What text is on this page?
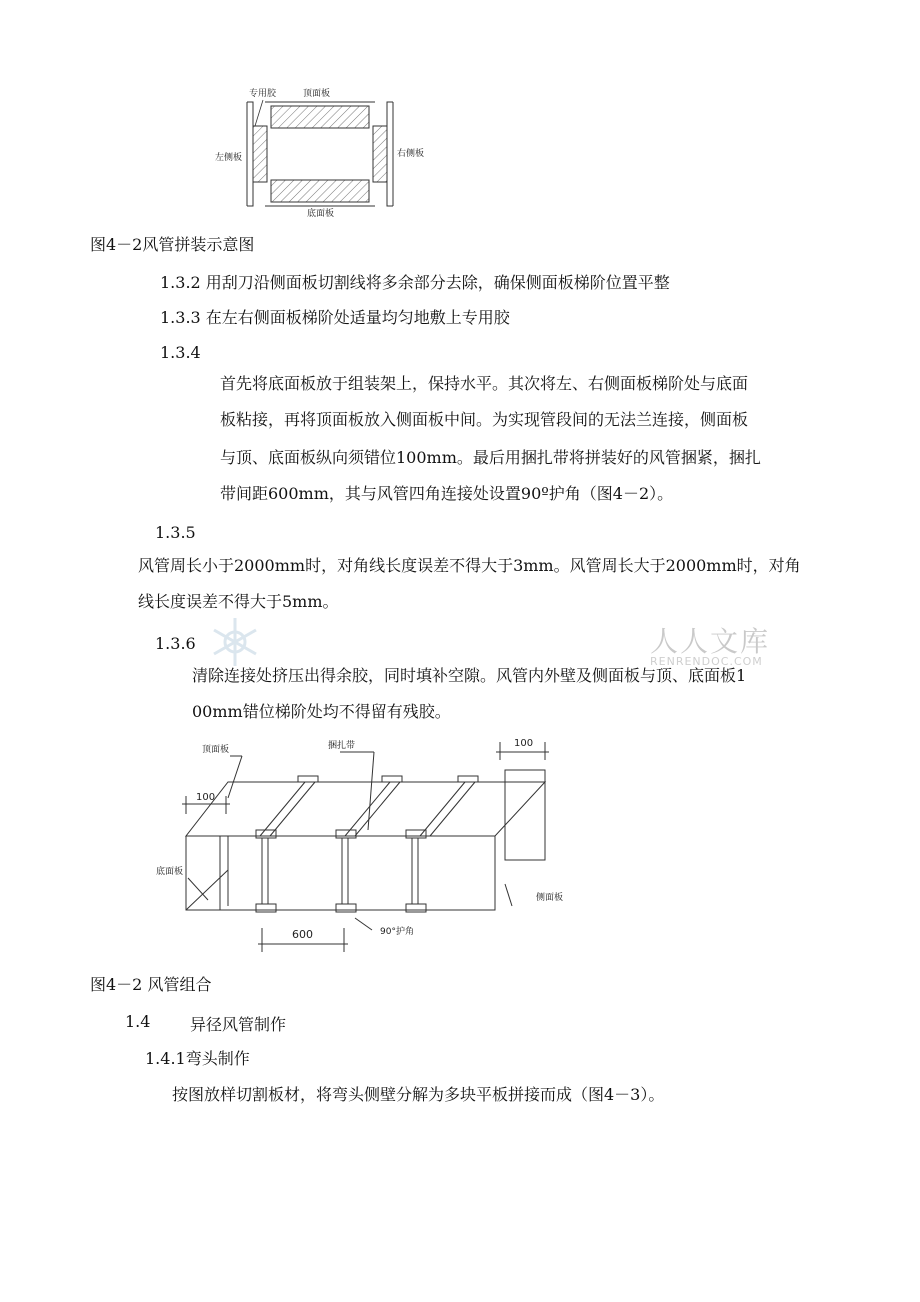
专用胶	顶面板
左侧板	右侧板
底面板
图4－2风管拼装示意图
1.3.2 用刮刀沿侧面板切割线将多余部分去除，确保侧面板梯阶位置平整
1.3.3 在左右侧面板梯阶处适量均匀地敷上专用胶
1.3.4
首先将底面板放于组装架上，保持水平。其次将左、右侧面板梯阶处与底面
板粘接，再将顶面板放入侧面板中间。为实现管段间的无法兰连接，侧面板
与顶、底面板纵向须错位100mm。最后用捆扎带将拼装好的风管捆紧，捆扎
带间距600mm，其与风管四角连接处设置90º护角（图4－2）。
1.3.5
风管周长小于2000mm时，对角线长度误差不得大于3mm。风管周长大于2000mm时，对角
线长度误差不得大于5mm。
人人文库
RENRENDOC.COM
1.3.6
清除连接处挤压出得余胶，同时填补空隙。风管内外壁及侧面板与顶、底面板1
00mm错位梯阶处均不得留有残胶。
顶面板	捆扎带	100
100
底面板
侧面板
600	90°护角
图4－2 风管组合
1.4 异径风管制作
1.4.1弯头制作
按图放样切割板材，将弯头侧壁分解为多块平板拼接而成（图4－3）。
